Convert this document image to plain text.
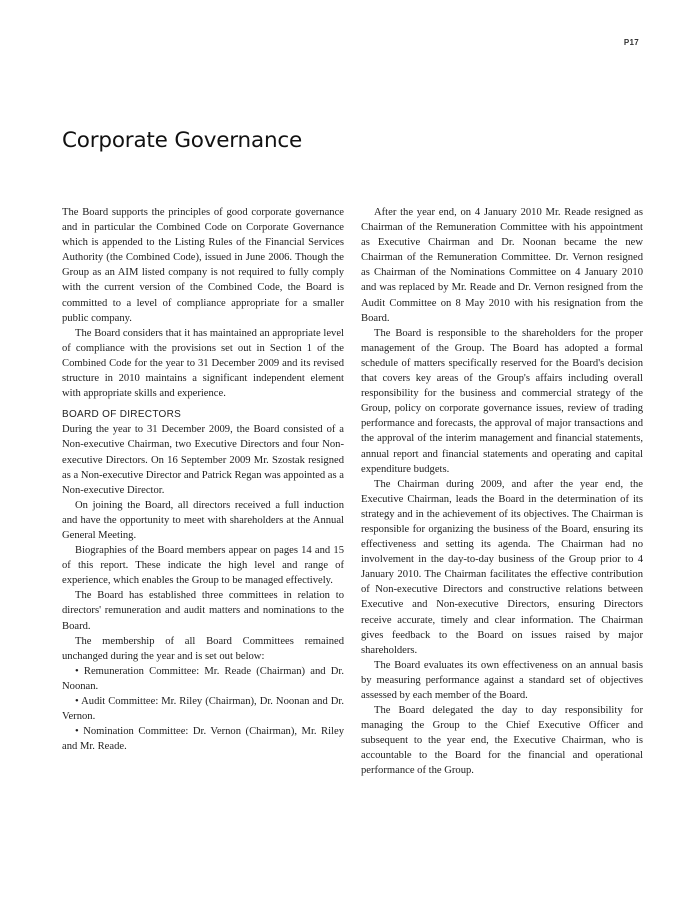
P17
Corporate Governance

The Board supports the principles of good corporate governance and in particular the Combined Code on Corporate Governance which is appended to the Listing Rules of the Financial Services Authority (the Combined Code), issued in June 2006. Though the Group as an AIM listed company is not required to fully comply with the current version of the Combined Code, the Board is committed to a level of compliance appropriate for a smaller public company.

The Board considers that it has maintained an appropriate level of compliance with the provisions set out in Section 1 of the Combined Code for the year to 31 December 2009 and its revised structure in 2010 maintains a significant independent element with appropriate skills and experience.

BOARD OF DIRECTORS

During the year to 31 December 2009, the Board consisted of a Non-executive Chairman, two Executive Directors and four Non-executive Directors. On 16 September 2009 Mr. Szostak resigned as a Non-executive Director and Patrick Regan was appointed as a Non-executive Director.

On joining the Board, all directors received a full induction and have the opportunity to meet with shareholders at the Annual General Meeting.

Biographies of the Board members appear on pages 14 and 15 of this report. These indicate the high level and range of experience, which enables the Group to be managed effectively.

The Board has established three committees in relation to directors' remuneration and audit matters and nominations to the Board.

The membership of all Board Committees remained unchanged during the year and is set out below:

• Remuneration Committee: Mr. Reade (Chairman) and Dr. Noonan.

• Audit Committee: Mr. Riley (Chairman), Dr. Noonan and Dr. Vernon.

• Nomination Committee: Dr. Vernon (Chairman), Mr. Riley and Mr. Reade.

After the year end, on 4 January 2010 Mr. Reade resigned as Chairman of the Remuneration Committee with his appointment as Executive Chairman and Dr. Noonan became the new Chairman of the Remuneration Committee. Dr. Vernon resigned as Chairman of the Nominations Committee on 4 January 2010 and was replaced by Mr. Reade and Dr. Vernon resigned from the Audit Committee on 8 May 2010 with his resignation from the Board.

The Board is responsible to the shareholders for the proper management of the Group. The Board has adopted a formal schedule of matters specifically reserved for the Board's decision that covers key areas of the Group's affairs including overall responsibility for the business and commercial strategy of the Group, policy on corporate governance issues, review of trading performance and forecasts, the approval of major transactions and the approval of the interim management and financial statements, annual report and financial statements and operating and capital expenditure budgets.

The Chairman during 2009, and after the year end, the Executive Chairman, leads the Board in the determination of its strategy and in the achievement of its objectives. The Chairman is responsible for organizing the business of the Board, ensuring its effectiveness and setting its agenda. The Chairman had no involvement in the day-to-day business of the Group prior to 4 January 2010. The Chairman facilitates the effective contribution of Non-executive Directors and constructive relations between Executive and Non-executive Directors, ensuring Directors receive accurate, timely and clear information. The Chairman gives feedback to the Board on issues raised by major shareholders.

The Board evaluates its own effectiveness on an annual basis by measuring performance against a standard set of objectives assessed by each member of the Board.

The Board delegated the day to day responsibility for managing the Group to the Chief Executive Officer and subsequent to the year end, the Executive Chairman, who is accountable to the Board for the financial and operational performance of the Group.
